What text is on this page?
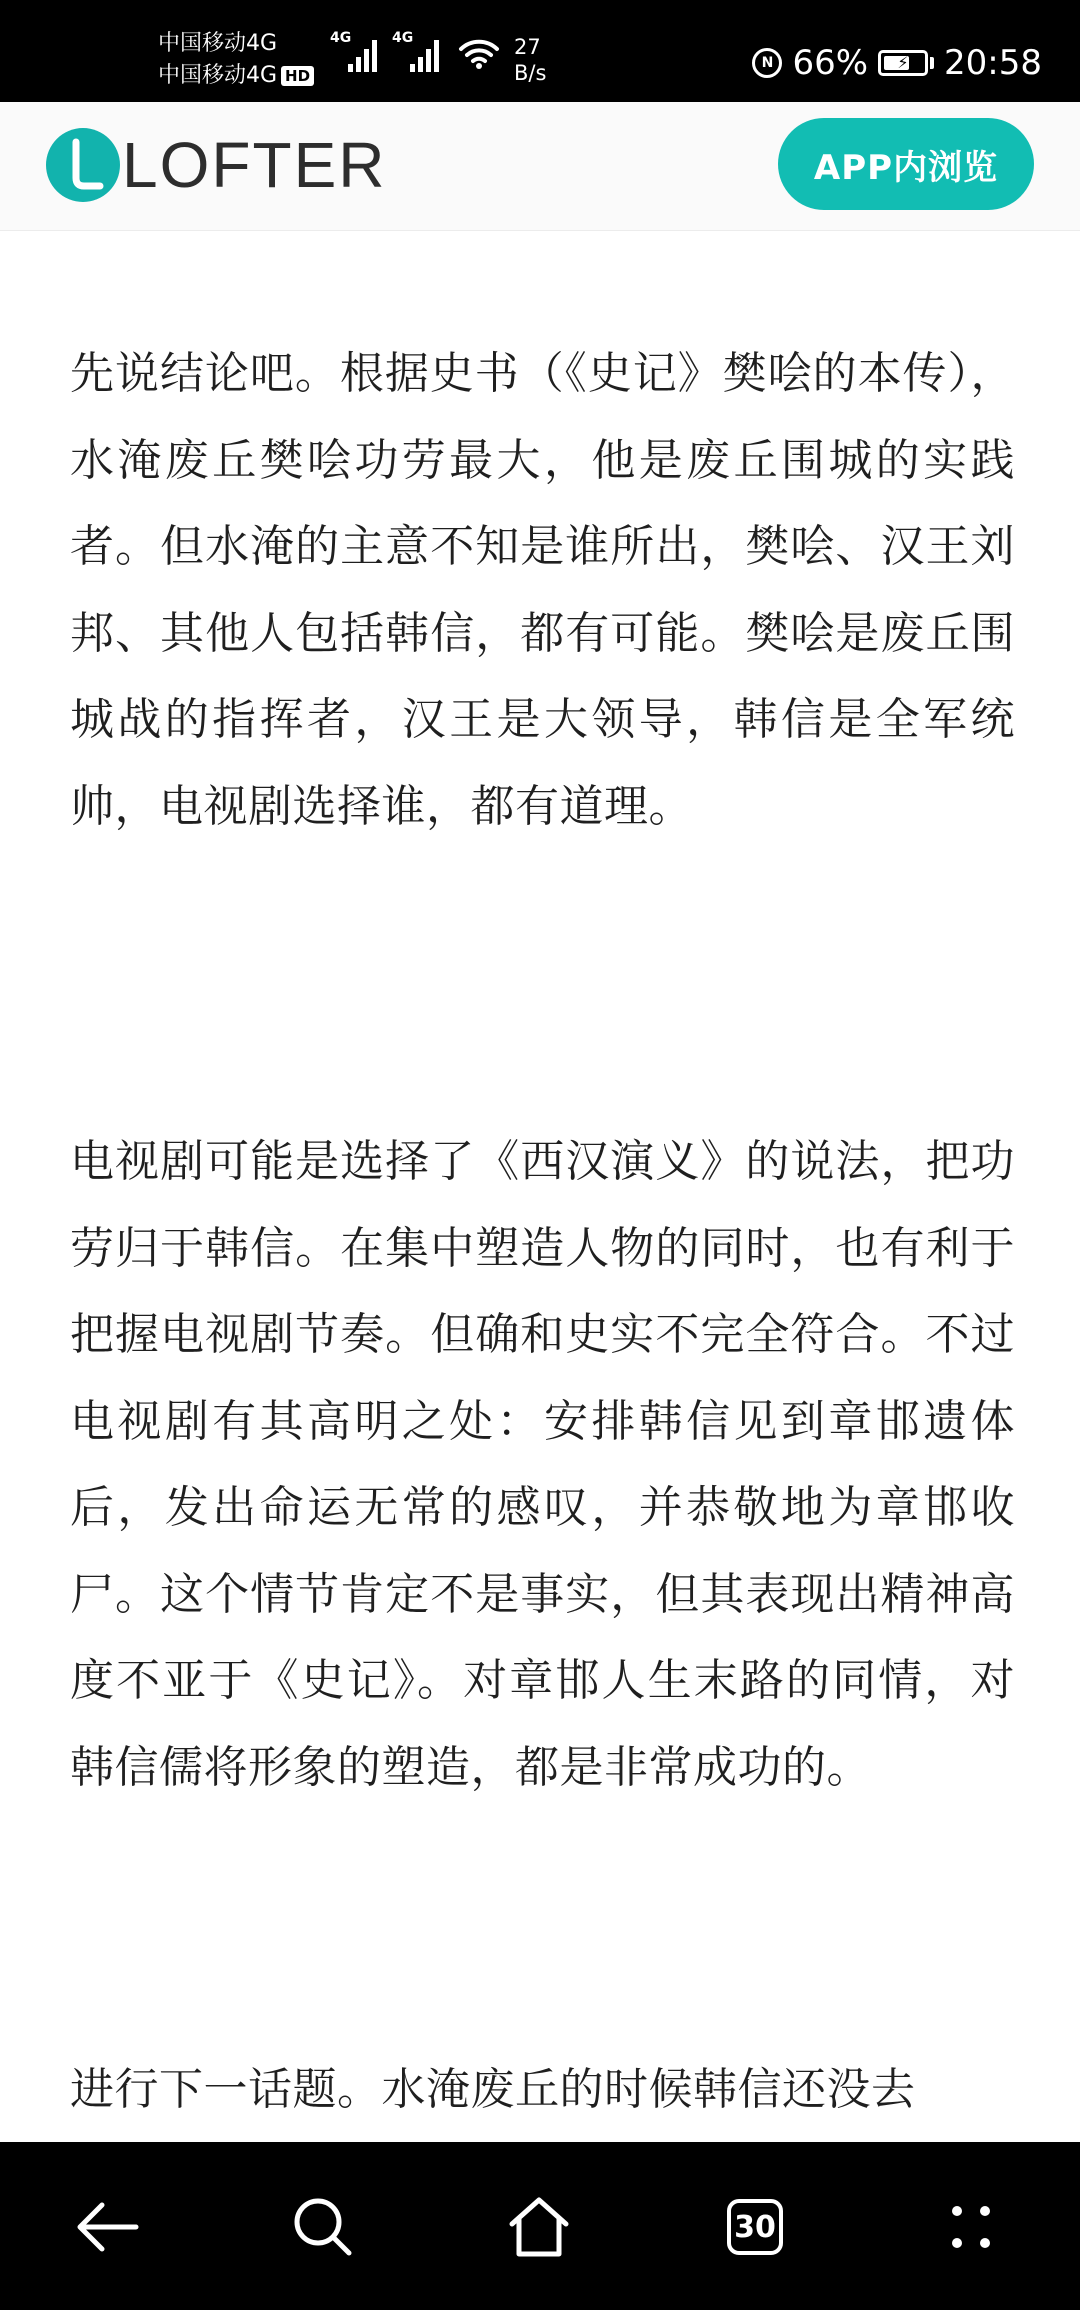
中国移动4G
中国移动4G HD
4G	4G	27
B/s	N 66% ⚡ 20:58
LOFTER	APP内浏览

先说结论吧。根据史书（《史记》樊哙的本传），水淹废丘樊哙功劳最大，他是废丘围城的实践者。但水淹的主意不知是谁所出，樊哙、汉王刘邦、其他人包括韩信，都有可能。樊哙是废丘围城战的指挥者，汉王是大领导，韩信是全军统帅，电视剧选择谁，都有道理。

电视剧可能是选择了《西汉演义》的说法，把功劳归于韩信。在集中塑造人物的同时，也有利于把握电视剧节奏。但确和史实不完全符合。不过电视剧有其高明之处：安排韩信见到章邯遗体后，发出命运无常的感叹，并恭敬地为章邯收尸。这个情节肯定不是事实，但其表现出精神高度不亚于《史记》。对章邯人生末路的同情，对韩信儒将形象的塑造，都是非常成功的。

进行下一话题。水淹废丘的时候韩信还没去

30
